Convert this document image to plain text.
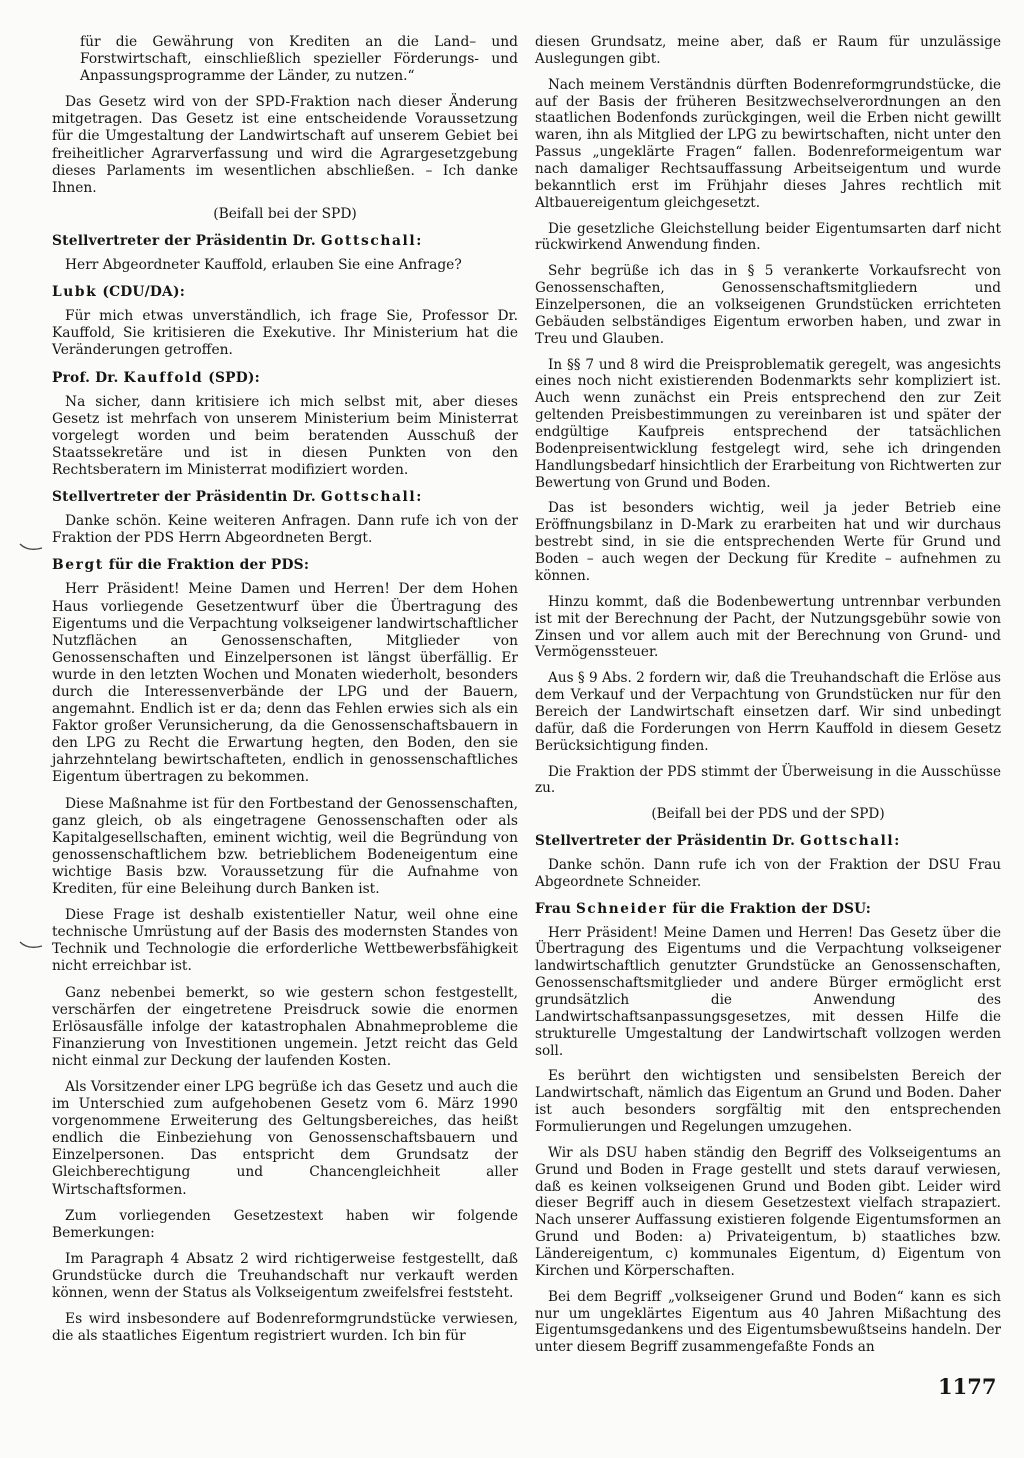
für die Gewährung von Krediten an die Land– und Forstwirtschaft, einschließlich spezieller Förderungs- und Anpassungsprogramme der Länder, zu nutzen.“

Das Gesetz wird von der SPD-Fraktion nach dieser Änderung mitgetragen. Das Gesetz ist eine entscheidende Voraussetzung für die Umgestaltung der Landwirtschaft auf unserem Gebiet bei freiheitlicher Agrarverfassung und wird die Agrargesetzgebung dieses Parlaments im wesentlichen abschließen. – Ich danke Ihnen.

(Beifall bei der SPD)

Stellvertreter der Präsidentin Dr. Gottschall:

Herr Abgeordneter Kauffold, erlauben Sie eine Anfrage?

Lubk (CDU/DA):

Für mich etwas unverständlich, ich frage Sie, Professor Dr. Kauffold, Sie kritisieren die Exekutive. Ihr Ministerium hat die Veränderungen getroffen.

Prof. Dr. Kauffold (SPD):

Na sicher, dann kritisiere ich mich selbst mit, aber dieses Gesetz ist mehrfach von unserem Ministerium beim Ministerrat vorgelegt worden und beim beratenden Ausschuß der Staatssekretäre und ist in diesen Punkten von den Rechtsberatern im Ministerrat modifiziert worden.

Stellvertreter der Präsidentin Dr. Gottschall:

Danke schön. Keine weiteren Anfragen. Dann rufe ich von der Fraktion der PDS Herrn Abgeordneten Bergt.

Bergt für die Fraktion der PDS:

Herr Präsident! Meine Damen und Herren! Der dem Hohen Haus vorliegende Gesetzentwurf über die Übertragung des Eigentums und die Verpachtung volkseigener landwirtschaftlicher Nutzflächen an Genossenschaften, Mitglieder von Genossenschaften und Einzelpersonen ist längst überfällig. Er wurde in den letzten Wochen und Monaten wiederholt, besonders durch die Interessenverbände der LPG und der Bauern, angemahnt. Endlich ist er da; denn das Fehlen erwies sich als ein Faktor großer Verunsicherung, da die Genossenschaftsbauern in den LPG zu Recht die Erwartung hegten, den Boden, den sie jahrzehntelang bewirtschafteten, endlich in genossenschaftliches Eigentum übertragen zu bekommen.

Diese Maßnahme ist für den Fortbestand der Genossenschaften, ganz gleich, ob als eingetragene Genossenschaften oder als Kapitalgesellschaften, eminent wichtig, weil die Begründung von genossenschaftlichem bzw. betrieblichem Bodeneigentum eine wichtige Basis bzw. Voraussetzung für die Aufnahme von Krediten, für eine Beleihung durch Banken ist.

Diese Frage ist deshalb existentieller Natur, weil ohne eine technische Umrüstung auf der Basis des modernsten Standes von Technik und Technologie die erforderliche Wettbewerbsfähigkeit nicht erreichbar ist.

Ganz nebenbei bemerkt, so wie gestern schon festgestellt, verschärfen der eingetretene Preisdruck sowie die enormen Erlösausfälle infolge der katastrophalen Abnahmeprobleme die Finanzierung von Investitionen ungemein. Jetzt reicht das Geld nicht einmal zur Deckung der laufenden Kosten.

Als Vorsitzender einer LPG begrüße ich das Gesetz und auch die im Unterschied zum aufgehobenen Gesetz vom 6. März 1990 vorgenommene Erweiterung des Geltungsbereiches, das heißt endlich die Einbeziehung von Genossenschaftsbauern und Einzelpersonen. Das entspricht dem Grundsatz der Gleichberechtigung und Chancengleichheit aller Wirtschaftsformen.

Zum vorliegenden Gesetzestext haben wir folgende Bemerkungen:

Im Paragraph 4 Absatz 2 wird richtigerweise festgestellt, daß Grundstücke durch die Treuhandschaft nur verkauft werden können, wenn der Status als Volkseigentum zweifelsfrei feststeht.

Es wird insbesondere auf Bodenreformgrundstücke verwiesen, die als staatliches Eigentum registriert wurden. Ich bin für

diesen Grundsatz, meine aber, daß er Raum für unzulässige Auslegungen gibt.

Nach meinem Verständnis dürften Bodenreformgrundstücke, die auf der Basis der früheren Besitzwechselverordnungen an den staatlichen Bodenfonds zurückgingen, weil die Erben nicht gewillt waren, ihn als Mitglied der LPG zu bewirtschaften, nicht unter den Passus „ungeklärte Fragen“ fallen. Bodenreformeigentum war nach damaliger Rechtsauffassung Arbeitseigentum und wurde bekanntlich erst im Frühjahr dieses Jahres rechtlich mit Altbauereigentum gleichgesetzt.

Die gesetzliche Gleichstellung beider Eigentumsarten darf nicht rückwirkend Anwendung finden.

Sehr begrüße ich das in § 5 verankerte Vorkaufsrecht von Genossenschaften, Genossenschaftsmitgliedern und Einzelpersonen, die an volkseigenen Grundstücken errichteten Gebäuden selbständiges Eigentum erworben haben, und zwar in Treu und Glauben.

In §§ 7 und 8 wird die Preisproblematik geregelt, was angesichts eines noch nicht existierenden Bodenmarkts sehr kompliziert ist. Auch wenn zunächst ein Preis entsprechend den zur Zeit geltenden Preisbestimmungen zu vereinbaren ist und später der endgültige Kaufpreis entsprechend der tatsächlichen Bodenpreisentwicklung festgelegt wird, sehe ich dringenden Handlungsbedarf hinsichtlich der Erarbeitung von Richtwerten zur Bewertung von Grund und Boden.

Das ist besonders wichtig, weil ja jeder Betrieb eine Eröffnungsbilanz in D-Mark zu erarbeiten hat und wir durchaus bestrebt sind, in sie die entsprechenden Werte für Grund und Boden – auch wegen der Deckung für Kredite – aufnehmen zu können.

Hinzu kommt, daß die Bodenbewertung untrennbar verbunden ist mit der Berechnung der Pacht, der Nutzungsgebühr sowie von Zinsen und vor allem auch mit der Berechnung von Grund- und Vermögenssteuer.

Aus § 9 Abs. 2 fordern wir, daß die Treuhandschaft die Erlöse aus dem Verkauf und der Verpachtung von Grundstücken nur für den Bereich der Landwirtschaft einsetzen darf. Wir sind unbedingt dafür, daß die Forderungen von Herrn Kauffold in diesem Gesetz Berücksichtigung finden.

Die Fraktion der PDS stimmt der Überweisung in die Ausschüsse zu.

(Beifall bei der PDS und der SPD)

Stellvertreter der Präsidentin Dr. Gottschall:

Danke schön. Dann rufe ich von der Fraktion der DSU Frau Abgeordnete Schneider.

Frau Schneider für die Fraktion der DSU:

Herr Präsident! Meine Damen und Herren! Das Gesetz über die Übertragung des Eigentums und die Verpachtung volkseigener landwirtschaftlich genutzter Grundstücke an Genossenschaften, Genossenschaftsmitglieder und andere Bürger ermöglicht erst grundsätzlich die Anwendung des Landwirtschaftsanpassungsgesetzes, mit dessen Hilfe die strukturelle Umgestaltung der Landwirtschaft vollzogen werden soll.

Es berührt den wichtigsten und sensibelsten Bereich der Landwirtschaft, nämlich das Eigentum an Grund und Boden. Daher ist auch besonders sorgfältig mit den entsprechenden Formulierungen und Regelungen umzugehen.

Wir als DSU haben ständig den Begriff des Volkseigentums an Grund und Boden in Frage gestellt und stets darauf verwiesen, daß es keinen volkseigenen Grund und Boden gibt. Leider wird dieser Begriff auch in diesem Gesetzestext vielfach strapaziert. Nach unserer Auffassung existieren folgende Eigentumsformen an Grund und Boden: a) Privateigentum, b) staatliches bzw. Ländereigentum, c) kommunales Eigentum, d) Eigentum von Kirchen und Körperschaften.

Bei dem Begriff „volkseigener Grund und Boden“ kann es sich nur um ungeklärtes Eigentum aus 40 Jahren Mißachtung des Eigentumsgedankens und des Eigentumsbewußtseins handeln. Der unter diesem Begriff zusammengefaßte Fonds an

1177
